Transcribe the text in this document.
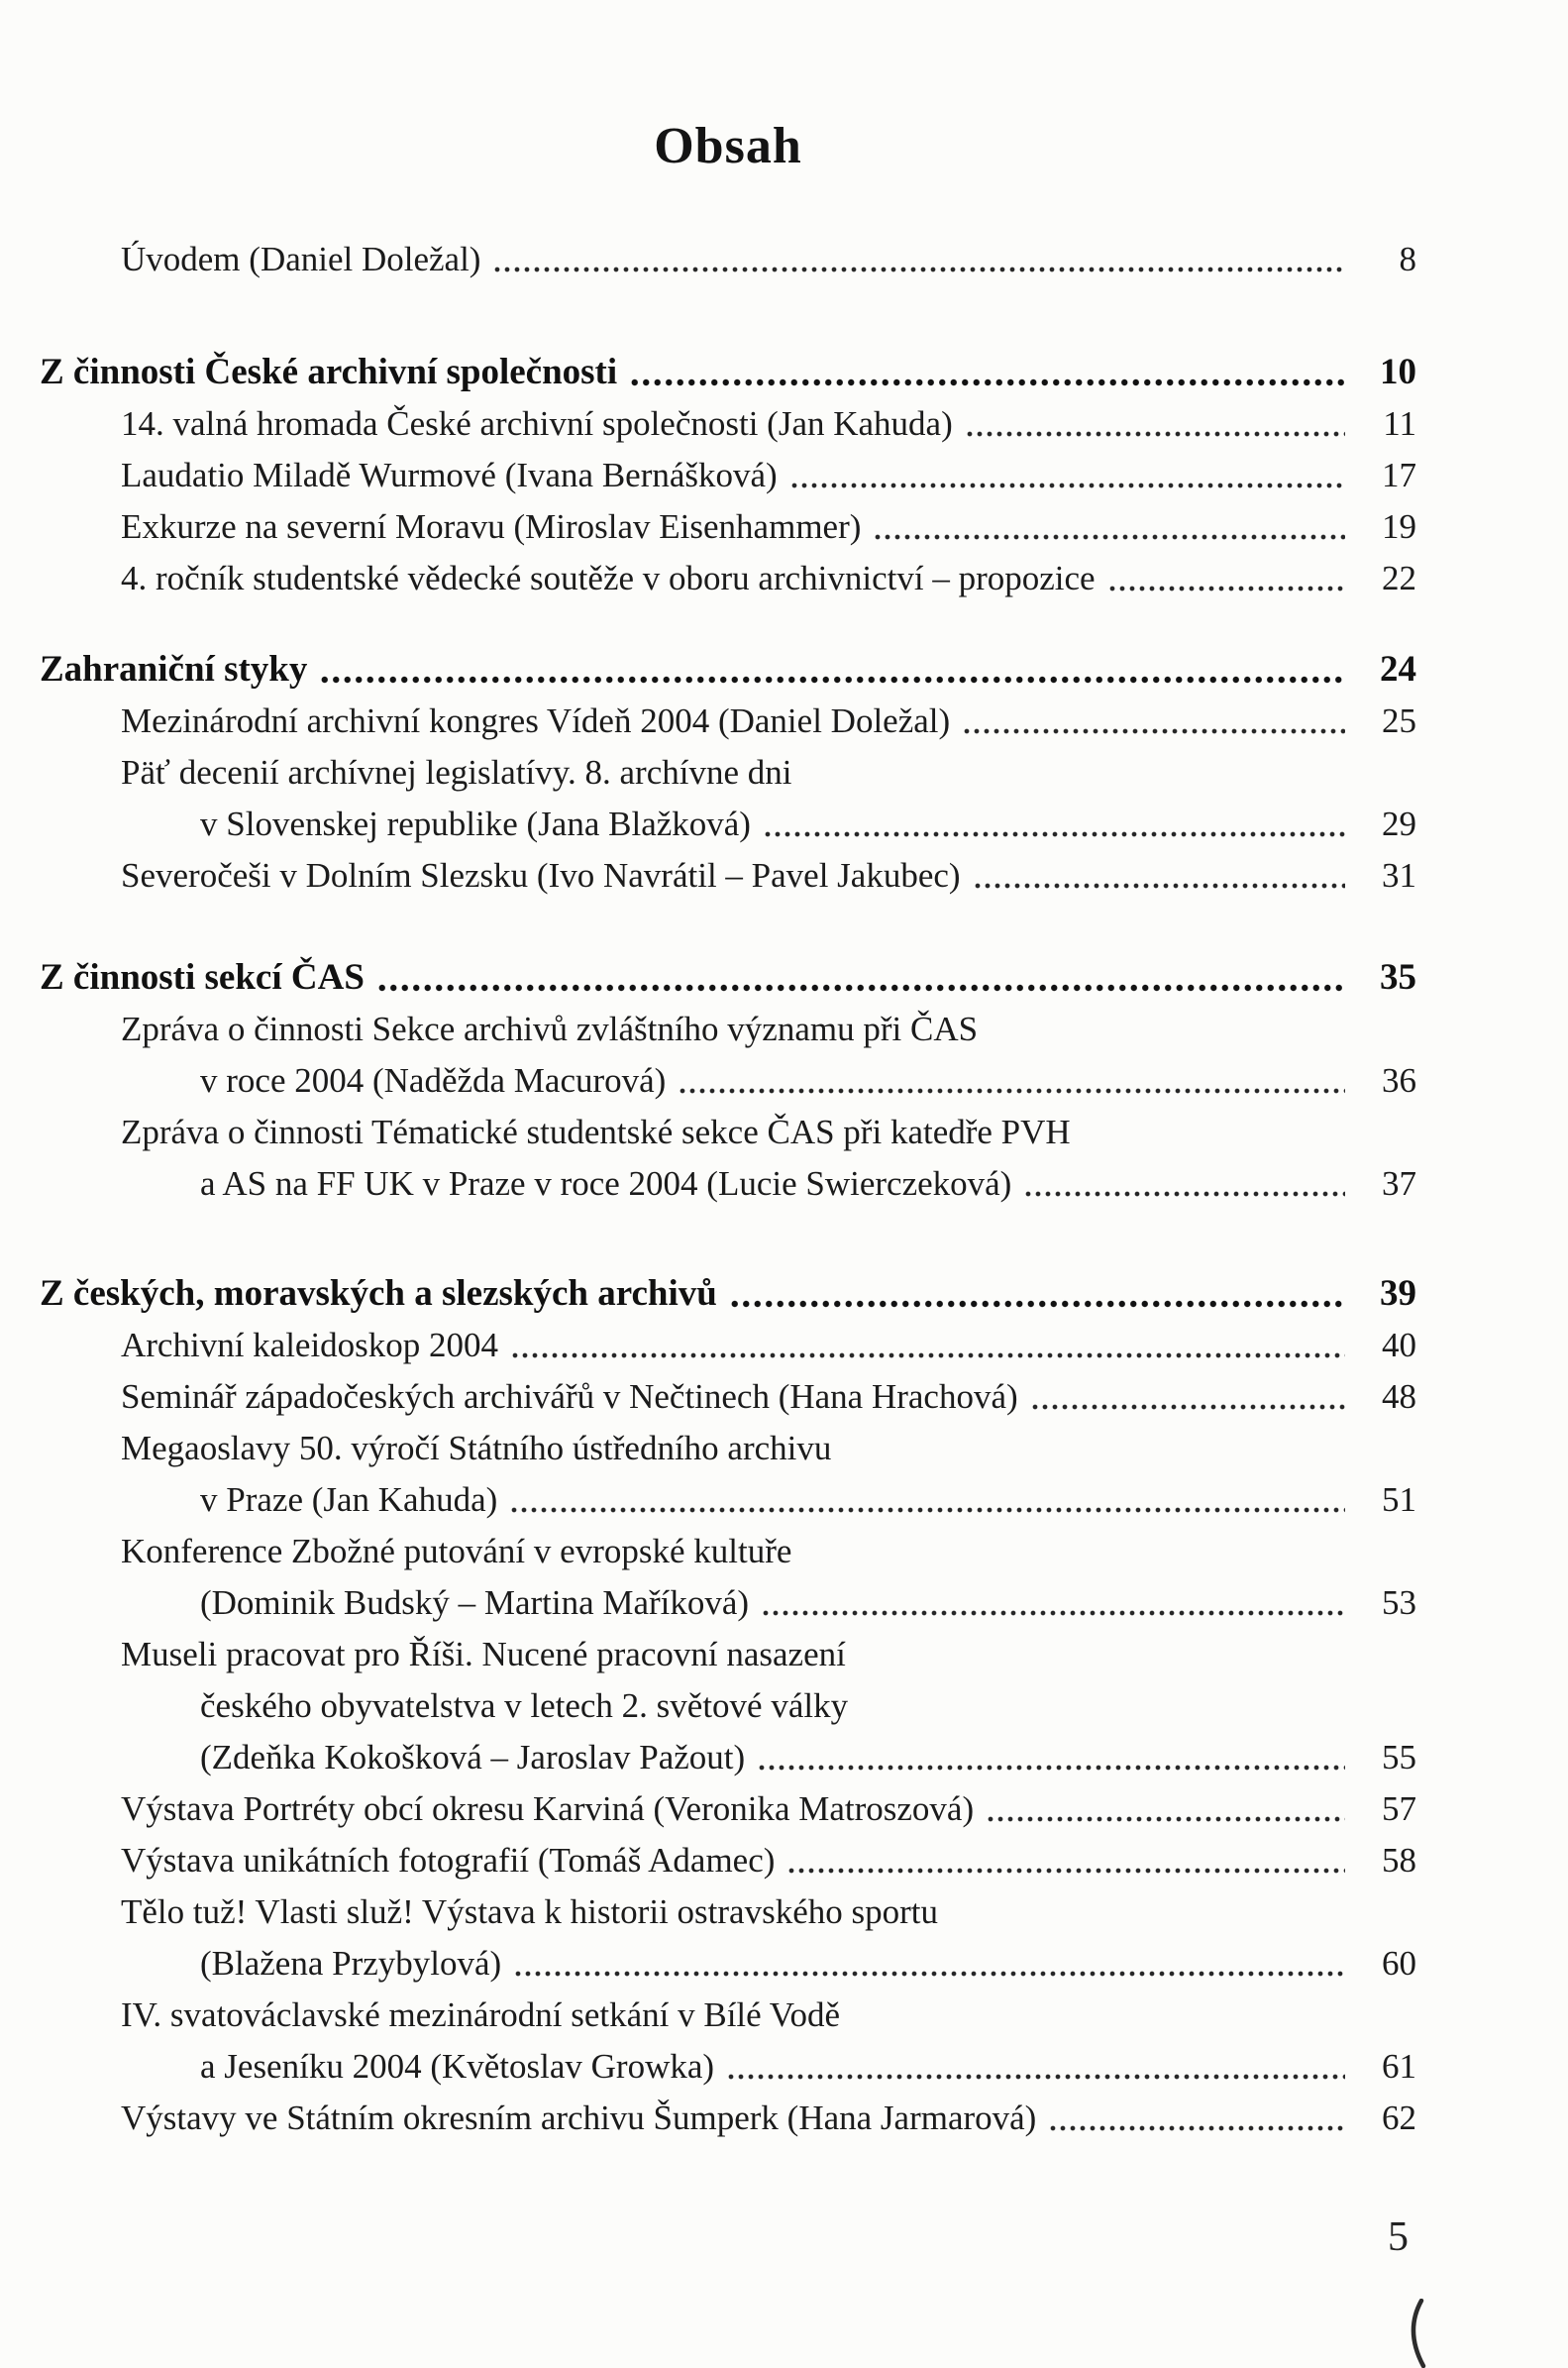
Obsah
Úvodem (Daniel Doležal)	8
Z činnosti České archivní společnosti	10
14. valná hromada České archivní společnosti (Jan Kahuda)	11
Laudatio Miladě Wurmové (Ivana Bernášková)	17
Exkurze na severní Moravu (Miroslav Eisenhammer)	19
4. ročník studentské vědecké soutěže v oboru archivnictví – propozice	22
Zahraniční styky	24
Mezinárodní archivní kongres Vídeň 2004 (Daniel Doležal)	25
Päť decenií archívnej legislatívy. 8. archívne dni
v Slovenskej republike (Jana Blažková)	29
Severočeši v Dolním Slezsku (Ivo Navrátil – Pavel Jakubec)	31
Z činnosti sekcí ČAS	35
Zpráva o činnosti Sekce archivů zvláštního významu při ČAS
v roce 2004 (Naděžda Macurová)	36
Zpráva o činnosti Tématické studentské sekce ČAS při katedře PVH
a AS na FF UK v Praze v roce 2004 (Lucie Swierczeková)	37
Z českých, moravských a slezských archivů	39
Archivní kaleidoskop 2004	40
Seminář západočeských archivářů v Nečtinech (Hana Hrachová)	48
Megaoslavy 50. výročí Státního ústředního archivu
v Praze (Jan Kahuda)	51
Konference Zbožné putování v evropské kultuře
(Dominik Budský – Martina Maříková)	53
Museli pracovat pro Říši. Nucené pracovní nasazení
českého obyvatelstva v letech 2. světové války
(Zdeňka Kokošková – Jaroslav Pažout)	55
Výstava Portréty obcí okresu Karviná (Veronika Matroszová)	57
Výstava unikátních fotografií (Tomáš Adamec)	58
Tělo tuž! Vlasti služ! Výstava k historii ostravského sportu
(Blažena Przybylová)	60
IV. svatováclavské mezinárodní setkání v Bílé Vodě
a Jeseníku 2004 (Květoslav Growka)	61
Výstavy ve Státním okresním archivu Šumperk (Hana Jarmarová)	62
5
